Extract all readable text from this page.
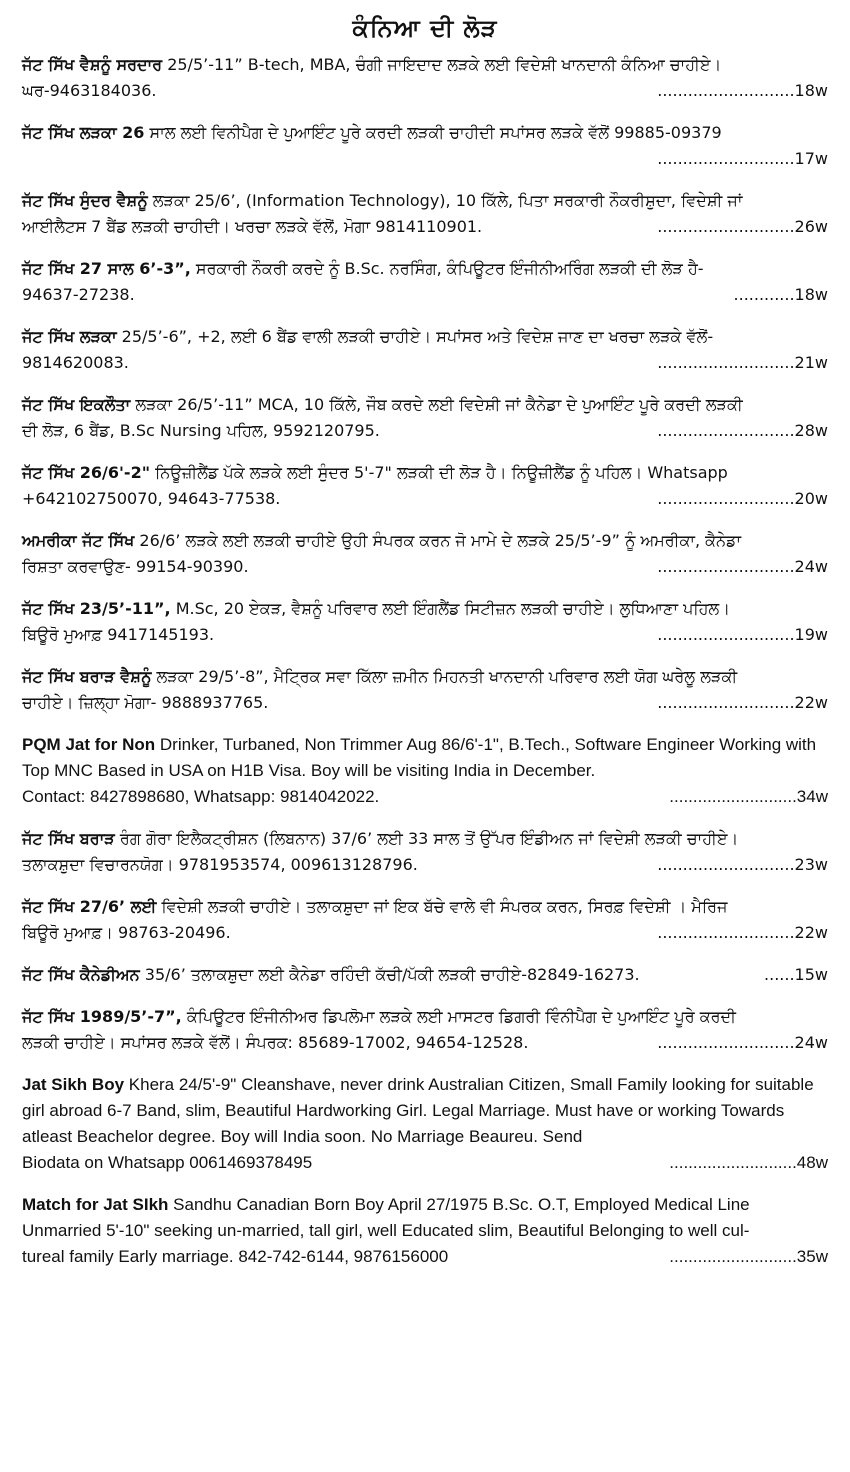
ਕੰਨਿਆ ਦੀ ਲੋੜ
ਜੱਟ ਸਿੱਖ ਵੈਸ਼ਨੂੰ ਸਰਦਾਰ 25/5’-11” B-tech, MBA, ਚੰਗੀ ਜਾਇਦਾਦ ਲੜਕੇ ਲਈ ਵਿਦੇਸ਼ੀ ਖਾਨਦਾਨੀ ਕੰਨਿਆ ਚਾਹੀਏ।
ਘਰ-9463184036.	...........................18w
ਜੱਟ ਸਿੱਖ ਲੜਕਾ 26 ਸਾਲ ਲਈ ਵਿਨੀਪੈਗ ਦੇ ਪੁਆਇੰਟ ਪੂਰੇ ਕਰਦੀ ਲੜਕੀ ਚਾਹੀਦੀ ਸਪਾਂਸਰ ਲੜਕੇ ਵੱਲੋਂ 99885-09379
...........................17w
ਜੱਟ ਸਿੱਖ ਸੁੰਦਰ ਵੈਸ਼ਨੂੰ ਲੜਕਾ 25/6’, (Information Technology), 10 ਕਿੱਲੇ, ਪਿਤਾ ਸਰਕਾਰੀ ਨੌਕਰੀਸ਼ੁਦਾ, ਵਿਦੇਸ਼ੀ ਜਾਂ
ਆਈਲੈਟਸ 7 ਬੈਂਡ ਲੜਕੀ ਚਾਹੀਦੀ। ਖਰਚਾ ਲੜਕੇ ਵੱਲੋਂ, ਮੋਗਾ 9814110901.	...........................26w
ਜੱਟ ਸਿੱਖ 27 ਸਾਲ 6’-3”, ਸਰਕਾਰੀ ਨੌਕਰੀ ਕਰਦੇ ਨੂੰ B.Sc. ਨਰਸਿੰਗ, ਕੰਪਿਊਟਰ ਇੰਜੀਨੀਅਰਿੰਗ ਲੜਕੀ ਦੀ ਲੋੜ ਹੈ-
94637-27238.	............18w
ਜੱਟ ਸਿੱਖ ਲੜਕਾ 25/5’-6”, +2, ਲਈ 6 ਬੈਂਡ ਵਾਲੀ ਲੜਕੀ ਚਾਹੀਏ। ਸਪਾਂਸਰ ਅਤੇ ਵਿਦੇਸ਼ ਜਾਣ ਦਾ ਖਰਚਾ ਲੜਕੇ ਵੱਲੋਂ-
9814620083.	...........................21w
ਜੱਟ ਸਿੱਖ ਇਕਲੌਤਾ ਲੜਕਾ 26/5’-11” MCA, 10 ਕਿੱਲੇ, ਜੌਬ ਕਰਦੇ ਲਈ ਵਿਦੇਸ਼ੀ ਜਾਂ ਕੈਨੇਡਾ ਦੇ ਪੁਆਇੰਟ ਪੂਰੇ ਕਰਦੀ ਲੜਕੀ
ਦੀ ਲੋੜ, 6 ਬੈਂਡ, B.Sc Nursing ਪਹਿਲ, 9592120795.	...........................28w
ਜੱਟ ਸਿੱਖ 26/6'-2" ਨਿਊਜ਼ੀਲੈਂਡ ਪੱਕੇ ਲੜਕੇ ਲਈ ਸੁੰਦਰ 5'-7" ਲੜਕੀ ਦੀ ਲੋੜ ਹੈ। ਨਿਊਜ਼ੀਲੈਂਡ ਨੂੰ ਪਹਿਲ। Whatsapp
+642102750070, 94643-77538.	...........................20w
ਅਮਰੀਕਾ ਜੱਟ ਸਿੱਖ 26/6’ ਲੜਕੇ ਲਈ ਲੜਕੀ ਚਾਹੀਏ ਉਹੀ ਸੰਪਰਕ ਕਰਨ ਜੋ ਮਾਮੇ ਦੇ ਲੜਕੇ 25/5’-9” ਨੂੰ ਅਮਰੀਕਾ, ਕੈਨੇਡਾ
ਰਿਸ਼ਤਾ ਕਰਵਾਉਣ- 99154-90390.	...........................24w
ਜੱਟ ਸਿੱਖ 23/5’-11”, M.Sc, 20 ਏਕੜ, ਵੈਸ਼ਨੂੰ ਪਰਿਵਾਰ ਲਈ ਇੰਗਲੈਂਡ ਸਿਟੀਜ਼ਨ ਲੜਕੀ ਚਾਹੀਏ। ਲੁਧਿਆਣਾ ਪਹਿਲ।
ਬਿਊਰੋ ਮੁਆਫ਼ 9417145193.	...........................19w
ਜੱਟ ਸਿੱਖ ਬਰਾੜ ਵੈਸ਼ਨੂੰ ਲੜਕਾ 29/5’-8”, ਮੈਟ੍ਰਿਕ ਸਵਾ ਕਿੱਲਾ ਜ਼ਮੀਨ ਮਿਹਨਤੀ ਖਾਨਦਾਨੀ ਪਰਿਵਾਰ ਲਈ ਯੋਗ ਘਰੇਲੂ ਲੜਕੀ
ਚਾਹੀਏ। ਜ਼ਿਲ੍ਹਾ ਮੋਗਾ- 9888937765.	...........................22w
PQM Jat for Non Drinker, Turbaned, Non Trimmer Aug 86/6'-1", B.Tech., Software Engineer Working with Top MNC Based in USA on H1B Visa. Boy will be visiting India in December.
Contact: 8427898680, Whatsapp: 9814042022.	...........................34w
ਜੱਟ ਸਿੱਖ ਬਰਾੜ ਰੰਗ ਗੋਰਾ ਇਲੈਕਟ੍ਰੀਸ਼ਨ (ਲਿਬਨਾਨ) 37/6’ ਲਈ 33 ਸਾਲ ਤੋਂ ਉੱਪਰ ਇੰਡੀਅਨ ਜਾਂ ਵਿਦੇਸ਼ੀ ਲੜਕੀ ਚਾਹੀਏ।
ਤਲਾਕਸ਼ੁਦਾ ਵਿਚਾਰਨਯੋਗ। 9781953574, 009613128796.	...........................23w
ਜੱਟ ਸਿੱਖ 27/6’ ਲਈ ਵਿਦੇਸ਼ੀ ਲੜਕੀ ਚਾਹੀਏ। ਤਲਾਕਸ਼ੁਦਾ ਜਾਂ ਇਕ ਬੱਚੇ ਵਾਲੇ ਵੀ ਸੰਪਰਕ ਕਰਨ, ਸਿਰਫ਼ ਵਿਦੇਸ਼ੀ । ਮੈਰਿਜ
ਬਿਊਰੋ ਮੁਆਫ਼। 98763-20496.	...........................22w
ਜੱਟ ਸਿੱਖ ਕੈਨੇਡੀਅਨ 35/6’ ਤਲਾਕਸ਼ੁਦਾ ਲਈ ਕੈਨੇਡਾ ਰਹਿੰਦੀ ਕੱਚੀ/ਪੱਕੀ ਲੜਕੀ ਚਾਹੀਏ-82849-16273.	......15w
ਜੱਟ ਸਿੱਖ 1989/5’-7”, ਕੰਪਿਊਟਰ ਇੰਜੀਨੀਅਰ ਡਿਪਲੋਮਾ ਲੜਕੇ ਲਈ ਮਾਸਟਰ ਡਿਗਰੀ ਵਿੰਨੀਪੈਗ ਦੇ ਪੁਆਇੰਟ ਪੂਰੇ ਕਰਦੀ
ਲੜਕੀ ਚਾਹੀਏ। ਸਪਾਂਸਰ ਲੜਕੇ ਵੱਲੋਂ। ਸੰਪਰਕ: 85689-17002, 94654-12528.	...........................24w
Jat Sikh Boy Khera 24/5'-9" Cleanshave, never drink Australian Citizen, Small Family looking for suitable girl abroad 6-7 Band, slim, Beautiful Hardworking Girl. Legal Marriage. Must have or working Towards atleast Beachelor degree. Boy will India soon. No Marriage Beaureu. Send
Biodata on Whatsapp 0061469378495	...........................48w
Match for Jat SIkh Sandhu Canadian Born Boy April 27/1975 B.Sc. O.T, Employed Medical Line Unmarried 5'-10" seeking un-married, tall girl, well Educated slim, Beautiful Belonging to well cul-
tureal family Early marriage. 842-742-6144, 9876156000	...........................35w
